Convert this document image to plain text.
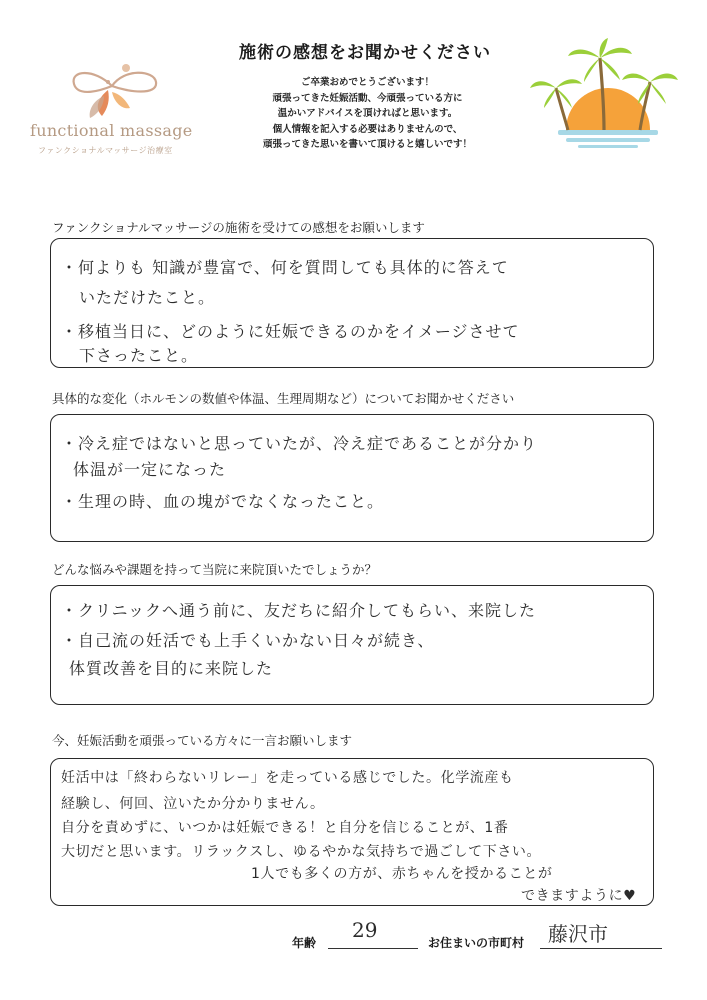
施術の感想をお聞かせください
ご卒業おめでとうございます！
頑張ってきた妊娠活動、今頑張っている方に
温かいアドバイスを頂ければと思います。
個人情報を記入する必要はありませんので、
頑張ってきた思いを書いて頂けると嬉しいです！
functional massage
ファンクショナルマッサージ治療室
ファンクショナルマッサージの施術を受けての感想をお願いします
・何よりも 知識が豊富で、何を質問しても具体的に答えて
いただけたこと。
・移植当日に、どのように妊娠できるのかをイメージさせて
下さったこと。
具体的な変化（ホルモンの数値や体温、生理周期など）についてお聞かせください
・冷え症ではないと思っていたが、冷え症であることが分かり
体温が一定になった
・生理の時、血の塊がでなくなったこと。
どんな悩みや課題を持って当院に来院頂いたでしょうか？
・クリニックへ通う前に、友だちに紹介してもらい、来院した
・自己流の妊活でも上手くいかない日々が続き、
体質改善を目的に来院した
今、妊娠活動を頑張っている方々に一言お願いします
妊活中は「終わらないリレー」を走っている感じでした。化学流産も
経験し、何回、泣いたか分かりません。
自分を責めずに、いつかは妊娠できる！と自分を信じることが、1番
大切だと思います。リラックスし、ゆるやかな気持ちで過ごして下さい。
1人でも多くの方が、赤ちゃんを授かることが
できますように♥
年齢
29
お住まいの市町村 藤沢市
